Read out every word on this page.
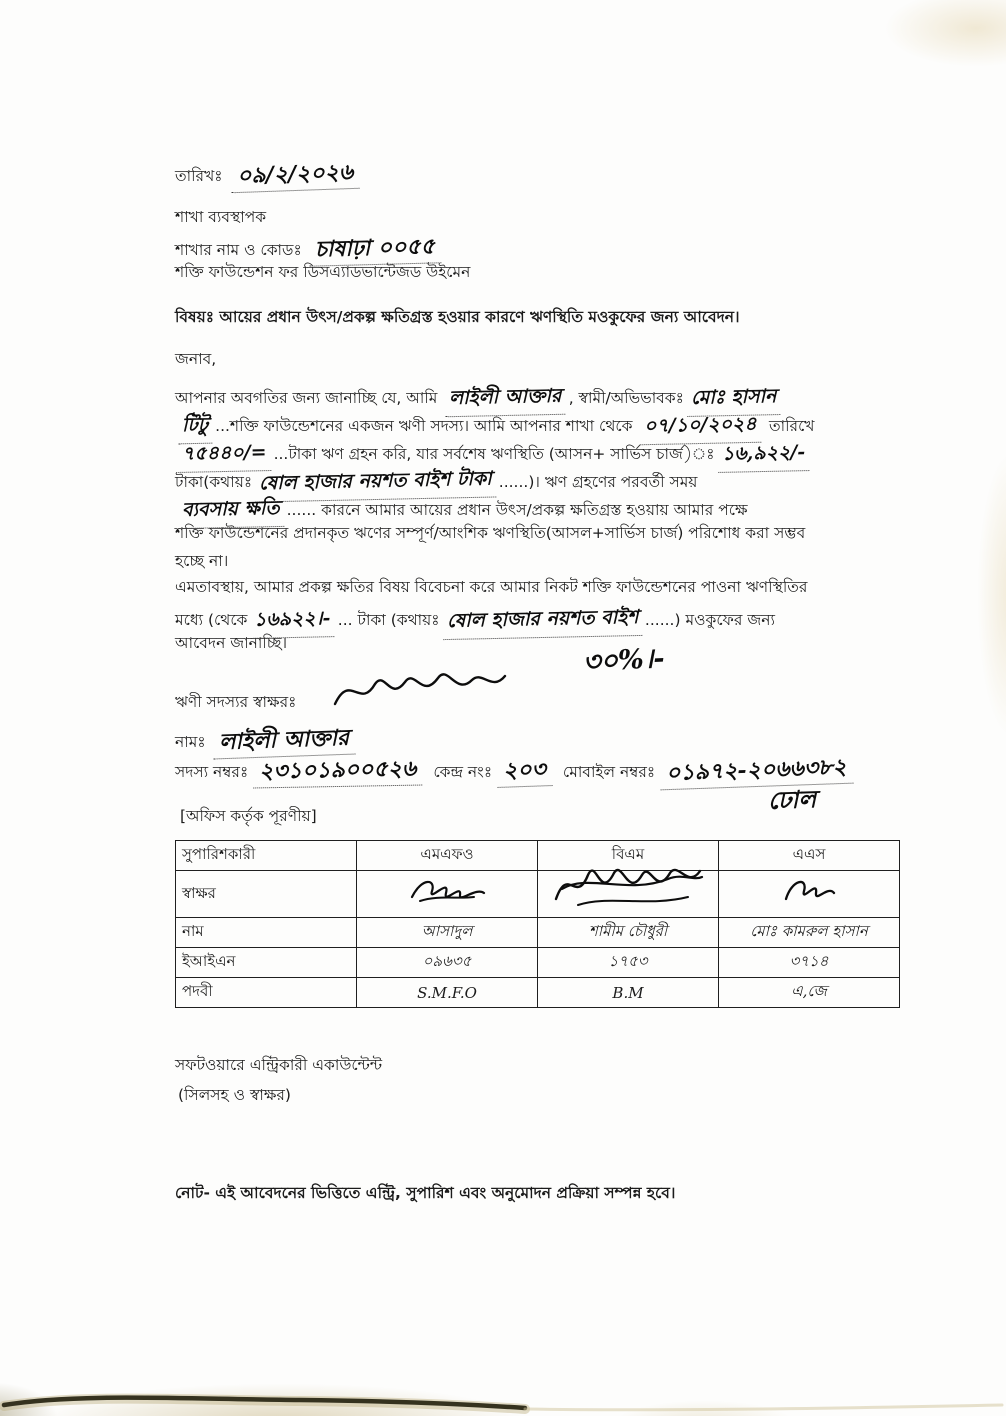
তারিখঃ ০৯/২/২০২৬
শাখা ব্যবস্থাপক
শাখার নাম ও কোডঃ চাষাঢ়া ০০৫৫
শক্তি ফাউন্ডেশন ফর ডিসএ্যাডভান্টেজড উইমেন
বিষয়ঃ আয়ের প্রধান উৎস/প্রকল্প ক্ষতিগ্রস্ত হওয়ার কারণে ঋণস্থিতি মওকুফের জন্য আবেদন।
জনাব,
আপনার অবগতির জন্য জানাচ্ছি যে, আমি লাইলী আক্তার , স্বামী/অভিভাবকঃ মোঃ হাসান
টিটু ...শক্তি ফাউন্ডেশনের একজন ঋণী সদস্য। আমি আপনার শাখা থেকে ০৭/১০/২০২৪ তারিখে
৭৫৪৪০/= ...টাকা ঋণ গ্রহন করি, যার সর্বশেষ ঋণস্থিতি (আসন+ সার্ভিস চার্জ)ঃ ১৬,৯২২/-
টাকা(কথায়ঃ ষোল হাজার নয়শত বাইশ টাকা ......)। ঋণ গ্রহণের পরবর্তী সময়
ব্যবসায় ক্ষতি ...... কারনে আমার আয়ের প্রধান উৎস/প্রকল্প ক্ষতিগ্রস্ত হওয়ায় আমার পক্ষে
শক্তি ফাউন্ডেশনের প্রদানকৃত ঋণের সম্পূর্ণ/আংশিক ঋণস্থিতি(আসল+সার্ভিস চার্জ) পরিশোধ করা সম্ভব
হচ্ছে না।
এমতাবস্থায়, আমার প্রকল্প ক্ষতির বিষয় বিবেচনা করে আমার নিকট শক্তি ফাউন্ডেশনের পাওনা ঋণস্থিতির
মধ্যে (থেকে ১৬৯২২।- ... টাকা (কথায়ঃ ষোল হাজার নয়শত বাইশ ......) মওকুফের জন্য
আবেদন জানাচ্ছি।	৩০%।-
ঋণী সদস্যর স্বাক্ষরঃ
নামঃ লাইলী আক্তার
সদস্য নম্বরঃ ২৩১০১৯০০৫২৬ কেন্দ্র নংঃ ২০৩ মোবাইল নম্বরঃ ০১৯৭২-২০৬৬৩৮২
ঢোল
[অফিস কর্তৃক পূরণীয়]
সুপারিশকারী	এমএফও	বিএম	এএস
স্বাক্ষর	

নাম	আসাদুল	শামীম চৌধুরী	মোঃ কামরুল হাসান
ইআইএন	০৯৬৩৫	১৭৫৩	৩৭১৪
পদবী	S.M.F.O	B.M	এ,জে
সফটওয়ারে এন্ট্রিকারী একাউন্টেন্ট
(সিলসহ ও স্বাক্ষর)
নোট- এই আবেদনের ভিত্তিতে এন্ট্রি, সুপারিশ এবং অনুমোদন প্রক্রিয়া সম্পন্ন হবে।
